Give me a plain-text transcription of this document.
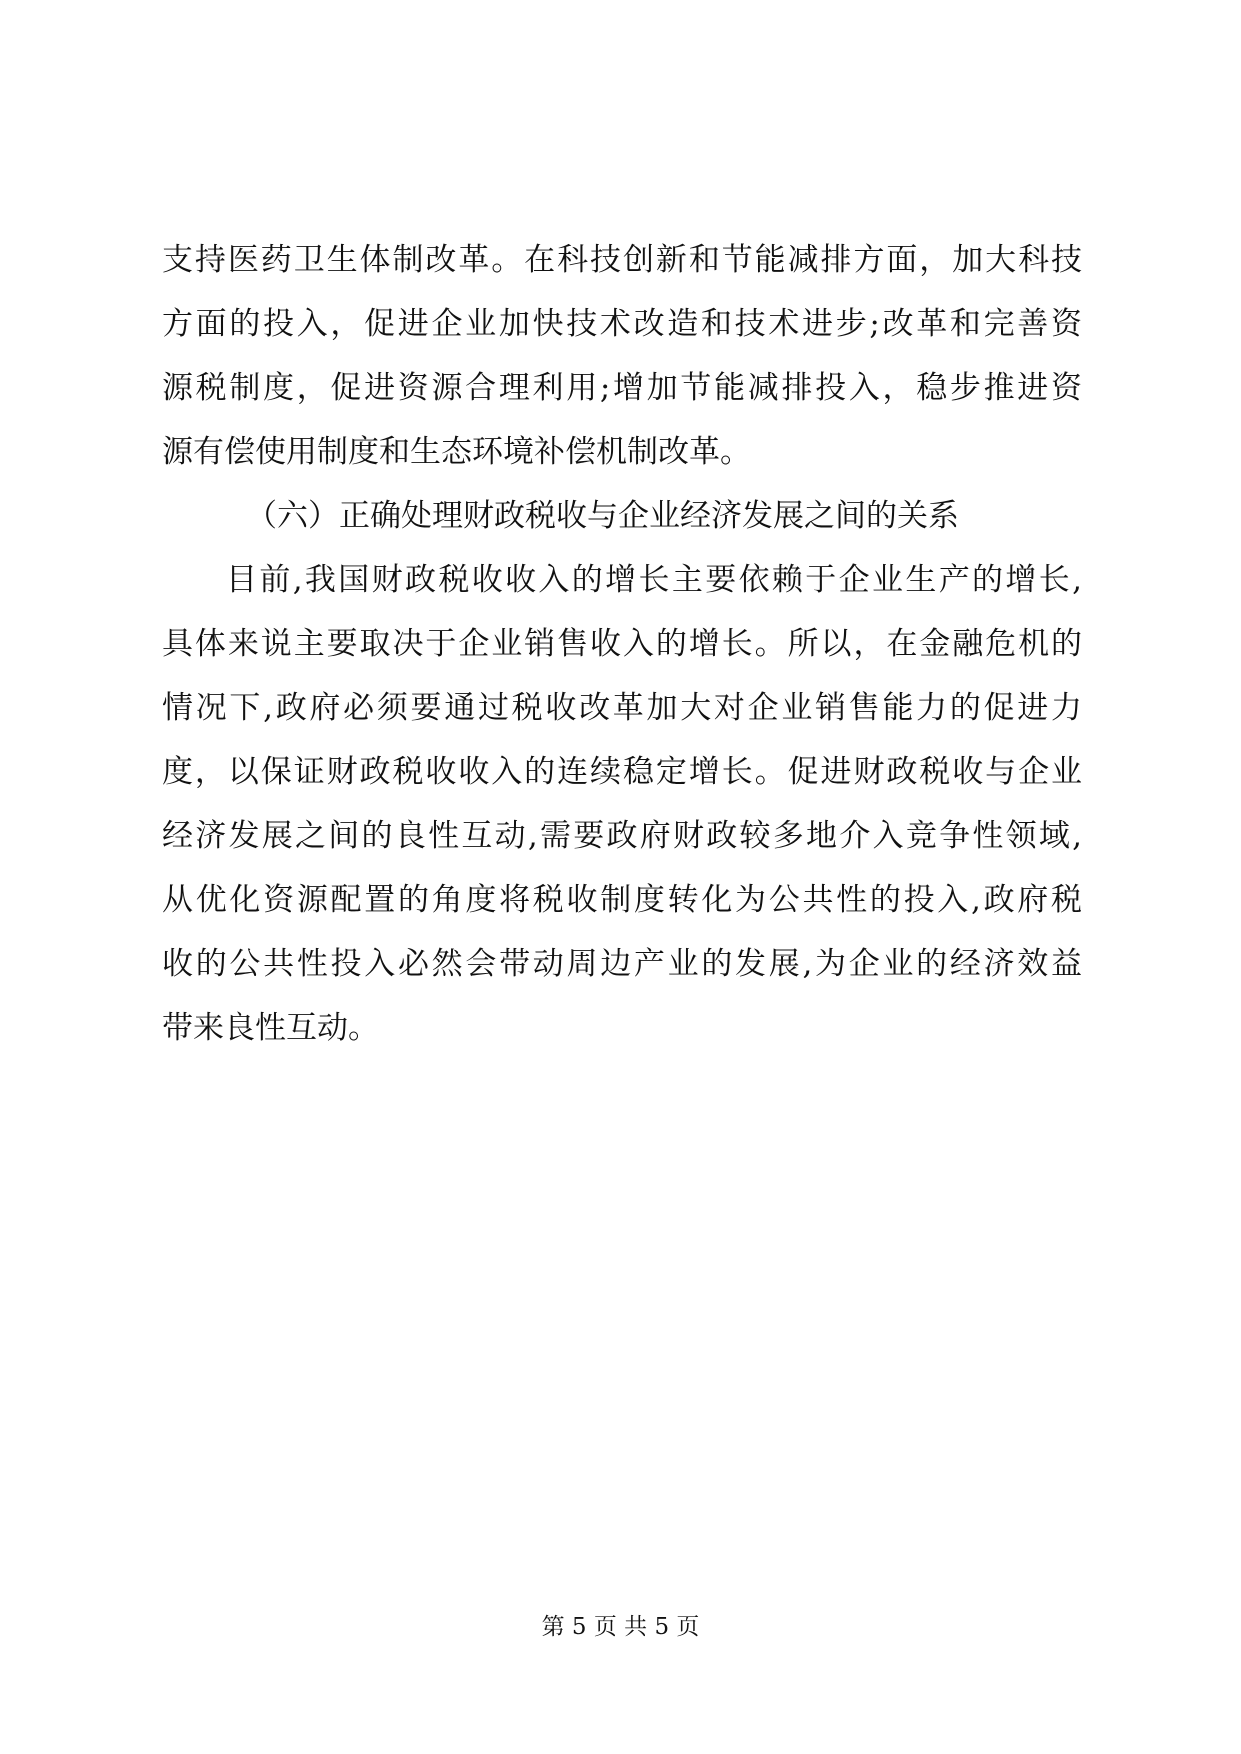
支持医药卫生体制改革。在科技创新和节能减排方面，加大科技
方面的投入，促进企业加快技术改造和技术进步;改革和完善资
源税制度，促进资源合理利用;增加节能减排投入，稳步推进资
源有偿使用制度和生态环境补偿机制改革。
（六）正确处理财政税收与企业经济发展之间的关系
目前,我国财政税收收入的增长主要依赖于企业生产的增长,
具体来说主要取决于企业销售收入的增长。所以，在金融危机的
情况下,政府必须要通过税收改革加大对企业销售能力的促进力
度，以保证财政税收收入的连续稳定增长。促进财政税收与企业
经济发展之间的良性互动,需要政府财政较多地介入竞争性领域,
从优化资源配置的角度将税收制度转化为公共性的投入,政府税
收的公共性投入必然会带动周边产业的发展,为企业的经济效益
带来良性互动。
第 5 页 共 5 页
